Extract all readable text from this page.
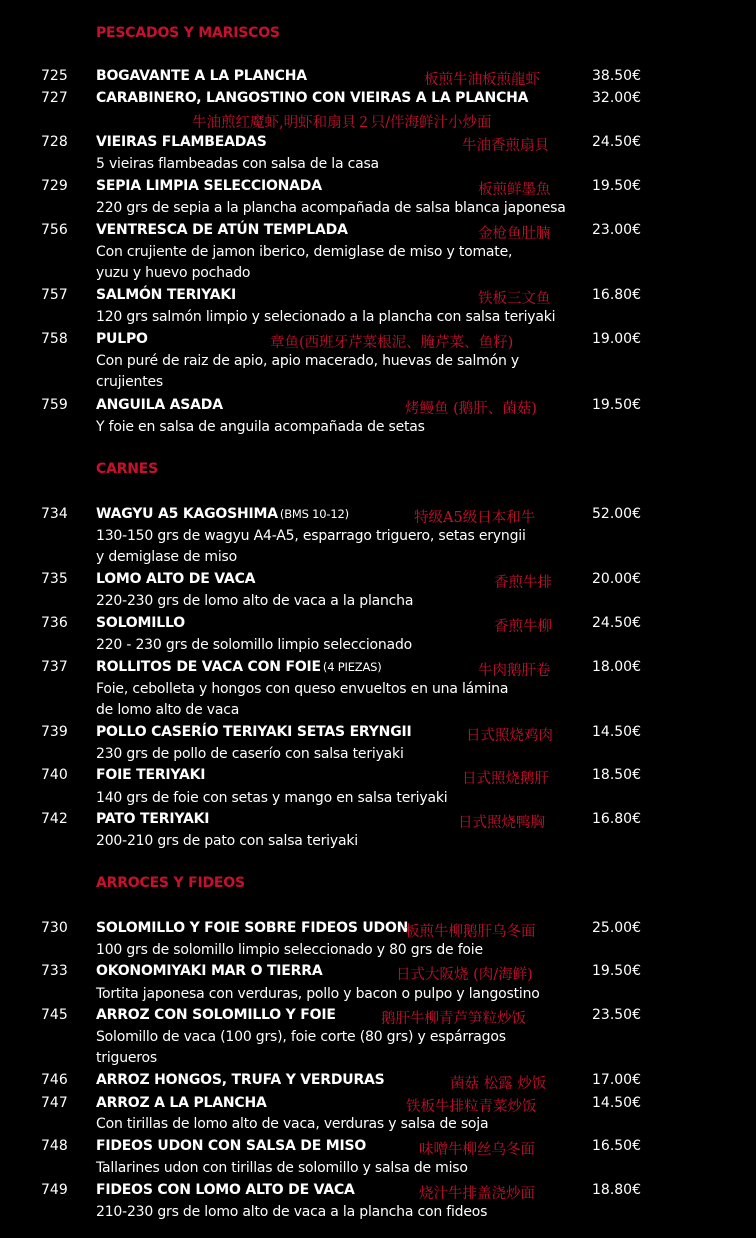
PESCADOS Y MARISCOS
725 BOGAVANTE A LA PLANCHA	板煎牛油板煎龍虾	38.50€
727 CARABINERO, LANGOSTINO CON VIEIRAS A LA PLANCHA	32.00€
牛油煎红魔虾,明虾和扇貝２只/伴海鲜汁小炒面
728 VIEIRAS FLAMBEADAS	牛油香煎扇貝	24.50€
5 vieiras flambeadas con salsa de la casa
729 SEPIA LIMPIA SELECCIONADA	板煎鲜墨魚	19.50€
220 grs de sepia a la plancha acompañada de salsa blanca japonesa
756 VENTRESCA DE ATÚN TEMPLADA	金枪鱼肚腩	23.00€
Con crujiente de jamon iberico, demiglase de miso y tomate,
yuzu y huevo pochado
757 SALMÓN TERIYAKI	铁板三文鱼	16.80€
120 grs salmón limpio y selecionado a la plancha con salsa teriyaki
758 PULPO	章鱼(西班牙芹菜根泥、腌芹菜、鱼籽)	19.00€
Con puré de raiz de apio, apio macerado, huevas de salmón y
crujientes
759 ANGUILA ASADA	烤鳗鱼 (鹅肝、菌菇)	19.50€
Y foie en salsa de anguila acompañada de setas
CARNES
734 WAGYU A5 KAGOSHIMA (BMS 10-12)	特级A5级日本和牛	52.00€
130-150 grs de wagyu A4-A5, esparrago triguero, setas eryngii
y demiglase de miso
735 LOMO ALTO DE VACA	香煎牛排	20.00€
220-230 grs de lomo alto de vaca a la plancha
736 SOLOMILLO	香煎牛柳	24.50€
220 - 230 grs de solomillo limpio seleccionado
737 ROLLITOS DE VACA CON FOIE (4 PIEZAS)	牛肉鹅肝卷	18.00€
Foie, cebolleta y hongos con queso envueltos en una lámina
de lomo alto de vaca
739 POLLO CASERÍO TERIYAKI SETAS ERYNGII	日式照烧鸡肉	14.50€
230 grs de pollo de caserío con salsa teriyaki
740 FOIE TERIYAKI	日式照烧鹅肝	18.50€
140 grs de foie con setas y mango en salsa teriyaki
742 PATO TERIYAKI	日式照烧鸭胸	16.80€
200-210 grs de pato con salsa teriyaki
ARROCES Y FIDEOS
730 SOLOMILLO Y FOIE SOBRE FIDEOS UDON
板煎牛柳鹅肝乌冬面	25.00€
100 grs de solomillo limpio seleccionado y 80 grs de foie
733 OKONOMIYAKI MAR O TIERRA	日式大阪烧 (肉/海鲜)	19.50€
Tortita japonesa con verduras, pollo y bacon o pulpo y langostino
745 ARROZ CON SOLOMILLO Y FOIE	鹅肝牛柳青芦笋粒炒饭	23.50€
Solomillo de vaca (100 grs), foie corte (80 grs) y espárragos
trigueros
746 ARROZ HONGOS, TRUFA Y VERDURAS	菌菇 松露 炒饭	17.00€
747 ARROZ A LA PLANCHA	铁板牛排粒青菜炒饭	14.50€
Con tirillas de lomo alto de vaca, verduras y salsa de soja
748 FIDEOS UDON CON SALSA DE MISO	味噌牛柳丝乌冬面	16.50€
Tallarines udon con tirillas de solomillo y salsa de miso
749 FIDEOS CON LOMO ALTO DE VACA	烧汁牛排盖浇炒面	18.80€
210-230 grs de lomo alto de vaca a la plancha con fideos
